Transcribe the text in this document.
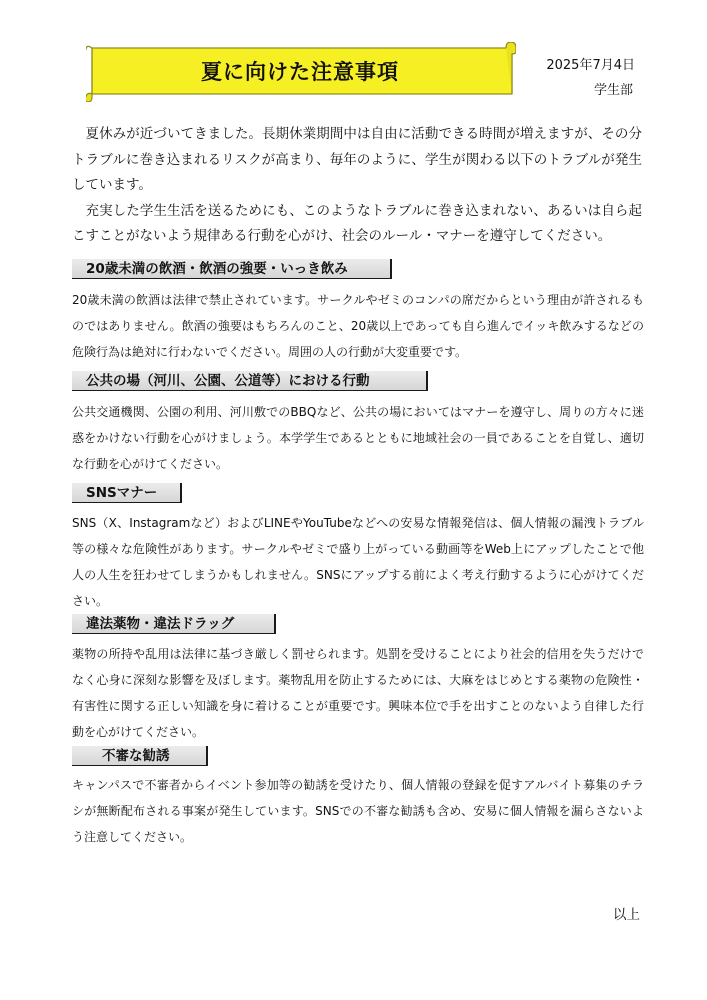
夏に向けた注意事項	2025年7月4日
学生部

夏休みが近づいてきました。長期休業期間中は自由に活動できる時間が増えますが、その分トラブルに巻き込まれるリスクが高まり、毎年のように、学生が関わる以下のトラブルが発生しています。

充実した学生生活を送るためにも、このようなトラブルに巻き込まれない、あるいは自ら起こすことがないよう規律ある行動を心がけ、社会のルール・マナーを遵守してください。

20歳未満の飲酒・飲酒の強要・いっき飲み

20歳未満の飲酒は法律で禁止されています。サークルやゼミのコンパの席だからという理由が許されるものではありません。飲酒の強要はもちろんのこと、20歳以上であっても自ら進んでイッキ飲みするなどの危険行為は絶対に行わないでください。周囲の人の行動が大変重要です。

公共の場（河川、公園、公道等）における行動

公共交通機関、公園の利用、河川敷でのBBQなど、公共の場においてはマナーを遵守し、周りの方々に迷惑をかけない行動を心がけましょう。本学学生であるとともに地域社会の一員であることを自覚し、適切な行動を心がけてください。

SNSマナー

SNS（X、Instagramなど）およびLINEやYouTubeなどへの安易な情報発信は、個人情報の漏洩トラブル等の様々な危険性があります。サークルやゼミで盛り上がっている動画等をWeb上にアップしたことで他人の人生を狂わせてしまうかもしれません。SNSにアップする前によく考え行動するように心がけてください。

違法薬物・違法ドラッグ

薬物の所持や乱用は法律に基づき厳しく罰せられます。処罰を受けることにより社会的信用を失うだけでなく心身に深刻な影響を及ぼします。薬物乱用を防止するためには、大麻をはじめとする薬物の危険性・有害性に関する正しい知識を身に着けることが重要です。興味本位で手を出すことのないよう自律した行動を心がけてください。

不審な勧誘

キャンパスで不審者からイベント参加等の勧誘を受けたり、個人情報の登録を促すアルバイト募集のチラシが無断配布される事案が発生しています。SNSでの不審な勧誘も含め、安易に個人情報を漏らさないよう注意してください。

以上
